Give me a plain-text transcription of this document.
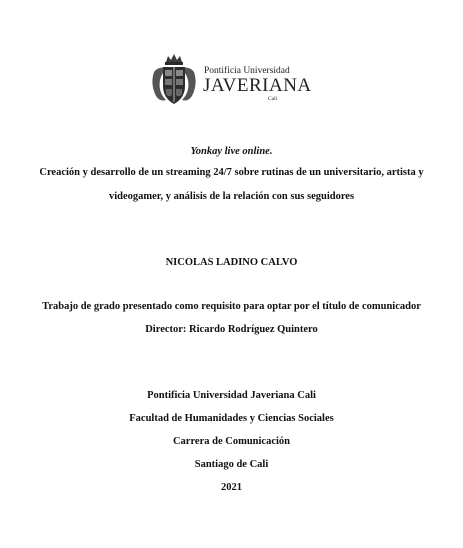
Pontificia Universidad
JAVERIANA
Cali
Yonkay live online.
Creación y desarrollo de un streaming 24/7 sobre rutinas de un universitario, artista y
videogamer, y análisis de la relación con sus seguidores
NICOLAS LADINO CALVO
Trabajo de grado presentado como requisito para optar por el título de comunicador
Director: Ricardo Rodríguez Quintero
Pontificia Universidad Javeriana Cali
Facultad de Humanidades y Ciencias Sociales
Carrera de Comunicación
Santiago de Cali
2021
